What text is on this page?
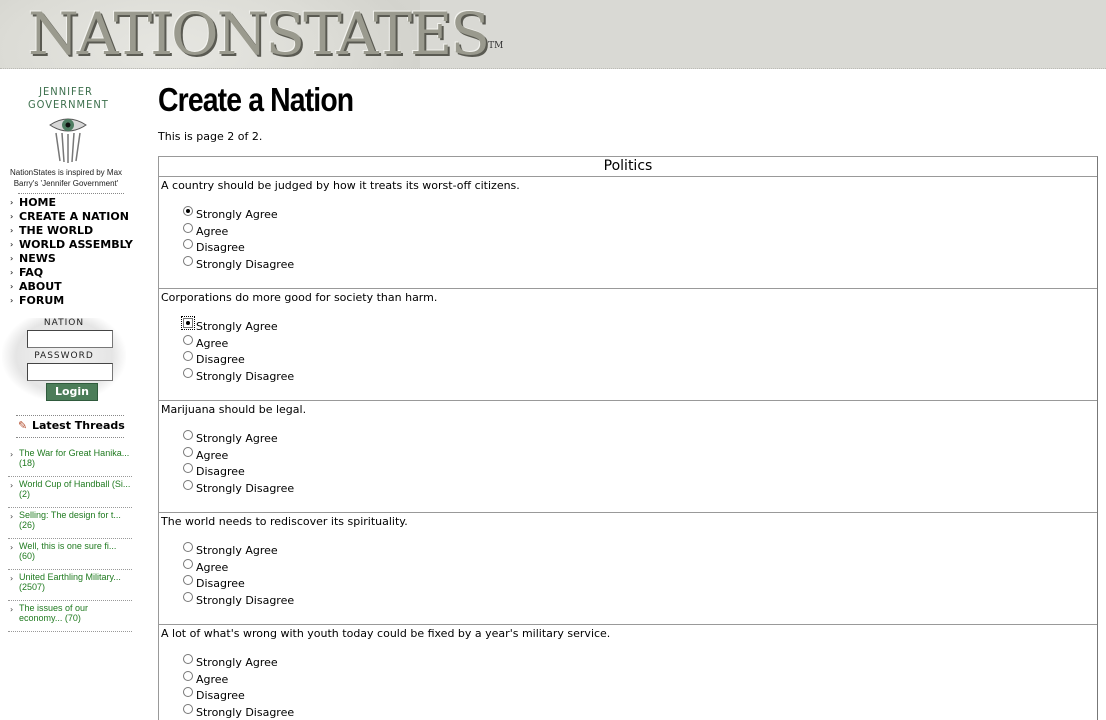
NATIONSTATES™
JENNIFER GOVERNMENT
NationStates is inspired by Max Barry's 'Jennifer Government'
› HOME
› CREATE A NATION
› THE WORLD
› WORLD ASSEMBLY
› NEWS
› FAQ
› ABOUT
› FORUM
NATION
PASSWORD
Login
✎ Latest Threads
› The War for Great Hanika... (18)
› World Cup of Handball (Si... (2)
› Selling: The design for t... (26)
› Well, this is one sure fi... (60)
› United Earthling Military... (2507)
› The issues of our economy... (70)
Create a Nation
This is page 2 of 2.
Politics
A country should be judged by how it treats its worst-off citizens.
Strongly Agree
Agree
Disagree
Strongly Disagree
Corporations do more good for society than harm.
Strongly Agree
Agree
Disagree
Strongly Disagree
Marijuana should be legal.
Strongly Agree
Agree
Disagree
Strongly Disagree
The world needs to rediscover its spirituality.
Strongly Agree
Agree
Disagree
Strongly Disagree
A lot of what's wrong with youth today could be fixed by a year's military service.
Strongly Agree
Agree
Disagree
Strongly Disagree
